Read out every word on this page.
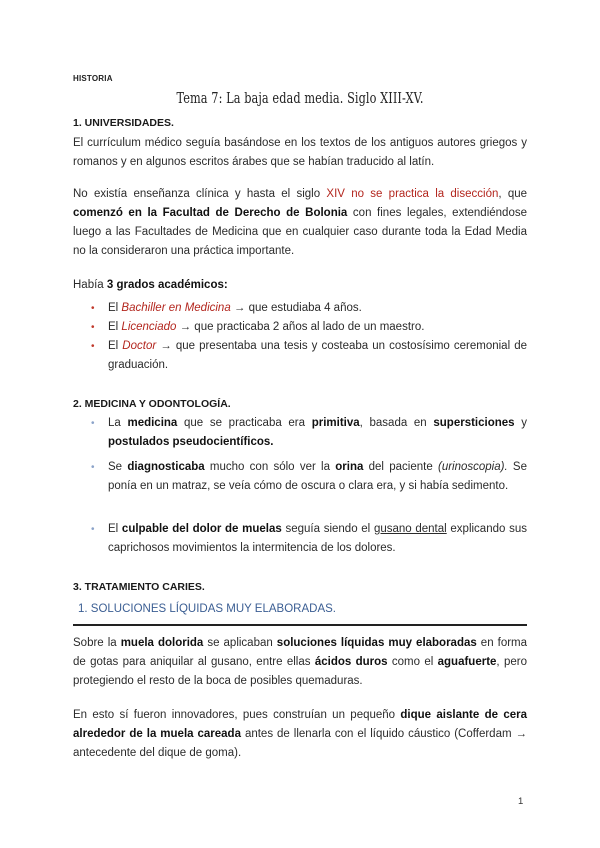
HISTORIA
Tema 7: La baja edad media. Siglo XIII-XV.
1. UNIVERSIDADES.
El currículum médico seguía basándose en los textos de los antiguos autores griegos y romanos y en algunos escritos árabes que se habían traducido al latín.
No existía enseñanza clínica y hasta el siglo XIV no se practica la disección, que comenzó en la Facultad de Derecho de Bolonia con fines legales, extendiéndose luego a las Facultades de Medicina que en cualquier caso durante toda la Edad Media no la consideraron una práctica importante.
Había 3 grados académicos:
• El Bachiller en Medicina → que estudiaba 4 años.
• El Licenciado → que practicaba 2 años al lado de un maestro.
• El Doctor → que presentaba una tesis y costeaba un costosísimo ceremonial de graduación.
2. MEDICINA Y ODONTOLOGÍA.
• La medicina que se practicaba era primitiva, basada en supersticiones y postulados pseudocientíficos.
• Se diagnosticaba mucho con sólo ver la orina del paciente (urinoscopia). Se ponía en un matraz, se veía cómo de oscura o clara era, y si había sedimento.
• El culpable del dolor de muelas seguía siendo el gusano dental explicando sus caprichosos movimientos la intermitencia de los dolores.
3. TRATAMIENTO CARIES.
1. SOLUCIONES LÍQUIDAS MUY ELABORADAS.
Sobre la muela dolorida se aplicaban soluciones líquidas muy elaboradas en forma de gotas para aniquilar al gusano, entre ellas ácidos duros como el aguafuerte, pero protegiendo el resto de la boca de posibles quemaduras.
En esto sí fueron innovadores, pues construían un pequeño dique aislante de cera alrededor de la muela careada antes de llenarla con el líquido cáustico (Cofferdam → antecedente del dique de goma).
1
